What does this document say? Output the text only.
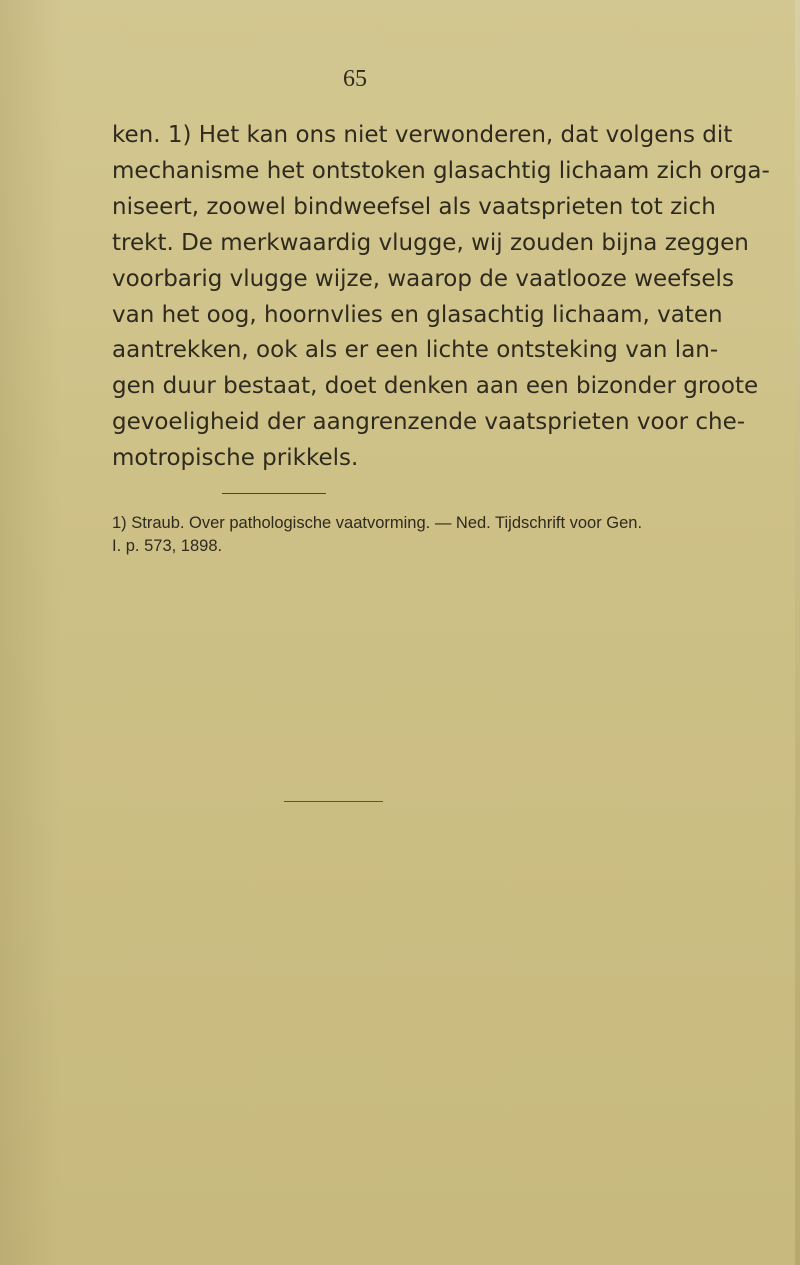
65

ken. 1) Het kan ons niet verwonderen, dat volgens dit
mechanisme het ontstoken glasachtig lichaam zich orga-
niseert, zoowel bindweefsel als vaatsprieten tot zich
trekt. De merkwaardig vlugge, wij zouden bijna zeggen
voorbarig vlugge wijze, waarop de vaatlooze weefsels
van het oog, hoornvlies en glasachtig lichaam, vaten
aantrekken, ook als er een lichte ontsteking van lan-
gen duur bestaat, doet denken aan een bizonder groote
gevoeligheid der aangrenzende vaatsprieten voor che-
motropische prikkels.
1) Straub. Over pathologische vaatvorming. — Ned. Tijdschrift voor Gen.
I. p. 573, 1898.
